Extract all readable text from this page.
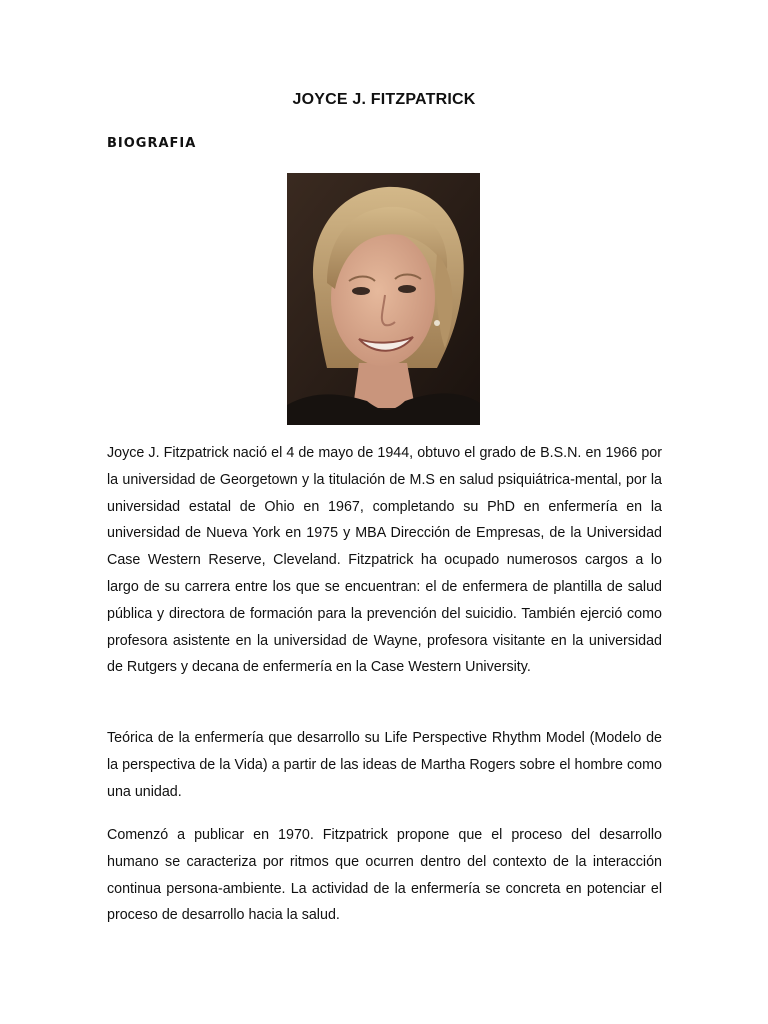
JOYCE J. FITZPATRICK
BIOGRAFIA

Joyce J. Fitzpatrick nació el 4 de mayo de 1944, obtuvo el grado de B.S.N. en 1966 por la universidad de Georgetown y la titulación de M.S en salud psiquiátrica-mental, por la universidad estatal de Ohio en 1967, completando su PhD en enfermería en la universidad de Nueva York en 1975 y MBA Dirección de Empresas, de la Universidad Case Western Reserve, Cleveland. Fitzpatrick ha ocupado numerosos cargos a lo largo de su carrera entre los que se encuentran: el de enfermera de plantilla de salud pública y directora de formación para la prevención del suicidio. También ejerció como profesora asistente en la universidad de Wayne, profesora visitante en la universidad de Rutgers y decana de enfermería en la Case Western University.

Teórica de la enfermería que desarrollo su Life Perspective Rhythm Model (Modelo de la perspectiva de la Vida) a partir de las ideas de Martha Rogers sobre el hombre como una unidad.

Comenzó a publicar en 1970. Fitzpatrick propone que el proceso del desarrollo humano se caracteriza por ritmos que ocurren dentro del contexto de la interacción continua persona-ambiente. La actividad de la enfermería se concreta en potenciar el proceso de desarrollo hacia la salud.
